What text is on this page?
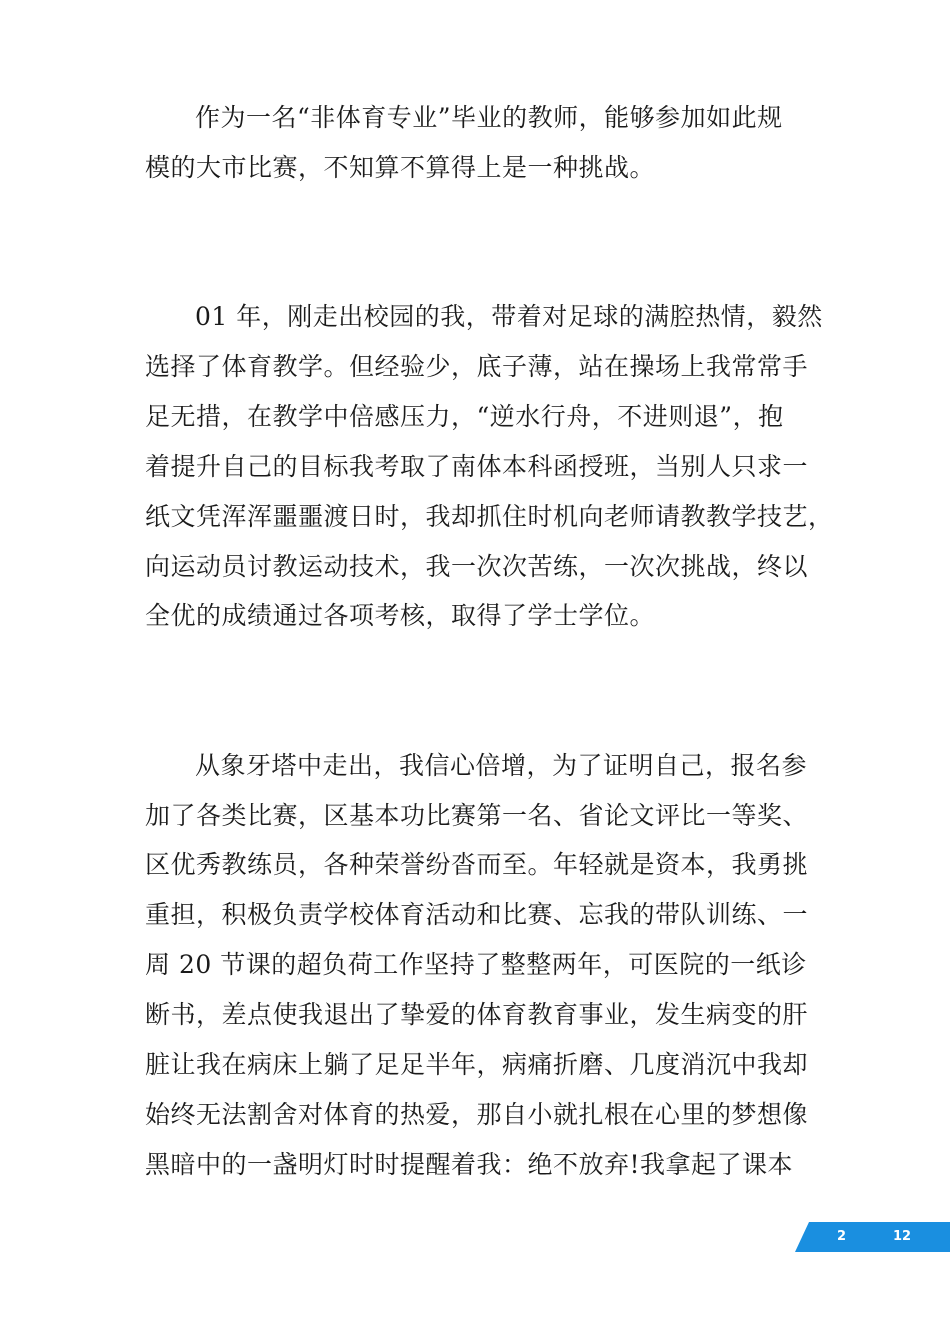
作为一名“非体育专业”毕业的教师，能够参加如此规
模的大市比赛，不知算不算得上是一种挑战。
01 年，刚走出校园的我，带着对足球的满腔热情，毅然
选择了体育教学。但经验少，底子薄，站在操场上我常常手
足无措，在教学中倍感压力，“逆水行舟，不进则退”，抱
着提升自己的目标我考取了南体本科函授班，当别人只求一
纸文凭浑浑噩噩渡日时，我却抓住时机向老师请教教学技艺，
向运动员讨教运动技术，我一次次苦练，一次次挑战，终以
全优的成绩通过各项考核，取得了学士学位。
从象牙塔中走出，我信心倍增，为了证明自己，报名参
加了各类比赛，区基本功比赛第一名、省论文评比一等奖、
区优秀教练员，各种荣誉纷沓而至。年轻就是资本，我勇挑
重担，积极负责学校体育活动和比赛、忘我的带队训练、一
周 20 节课的超负荷工作坚持了整整两年，可医院的一纸诊
断书，差点使我退出了挚爱的体育教育事业，发生病变的肝
脏让我在病床上躺了足足半年，病痛折磨、几度消沉中我却
始终无法割舍对体育的热爱，那自小就扎根在心里的梦想像
黑暗中的一盏明灯时时提醒着我：绝不放弃!我拿起了课本
2	12
